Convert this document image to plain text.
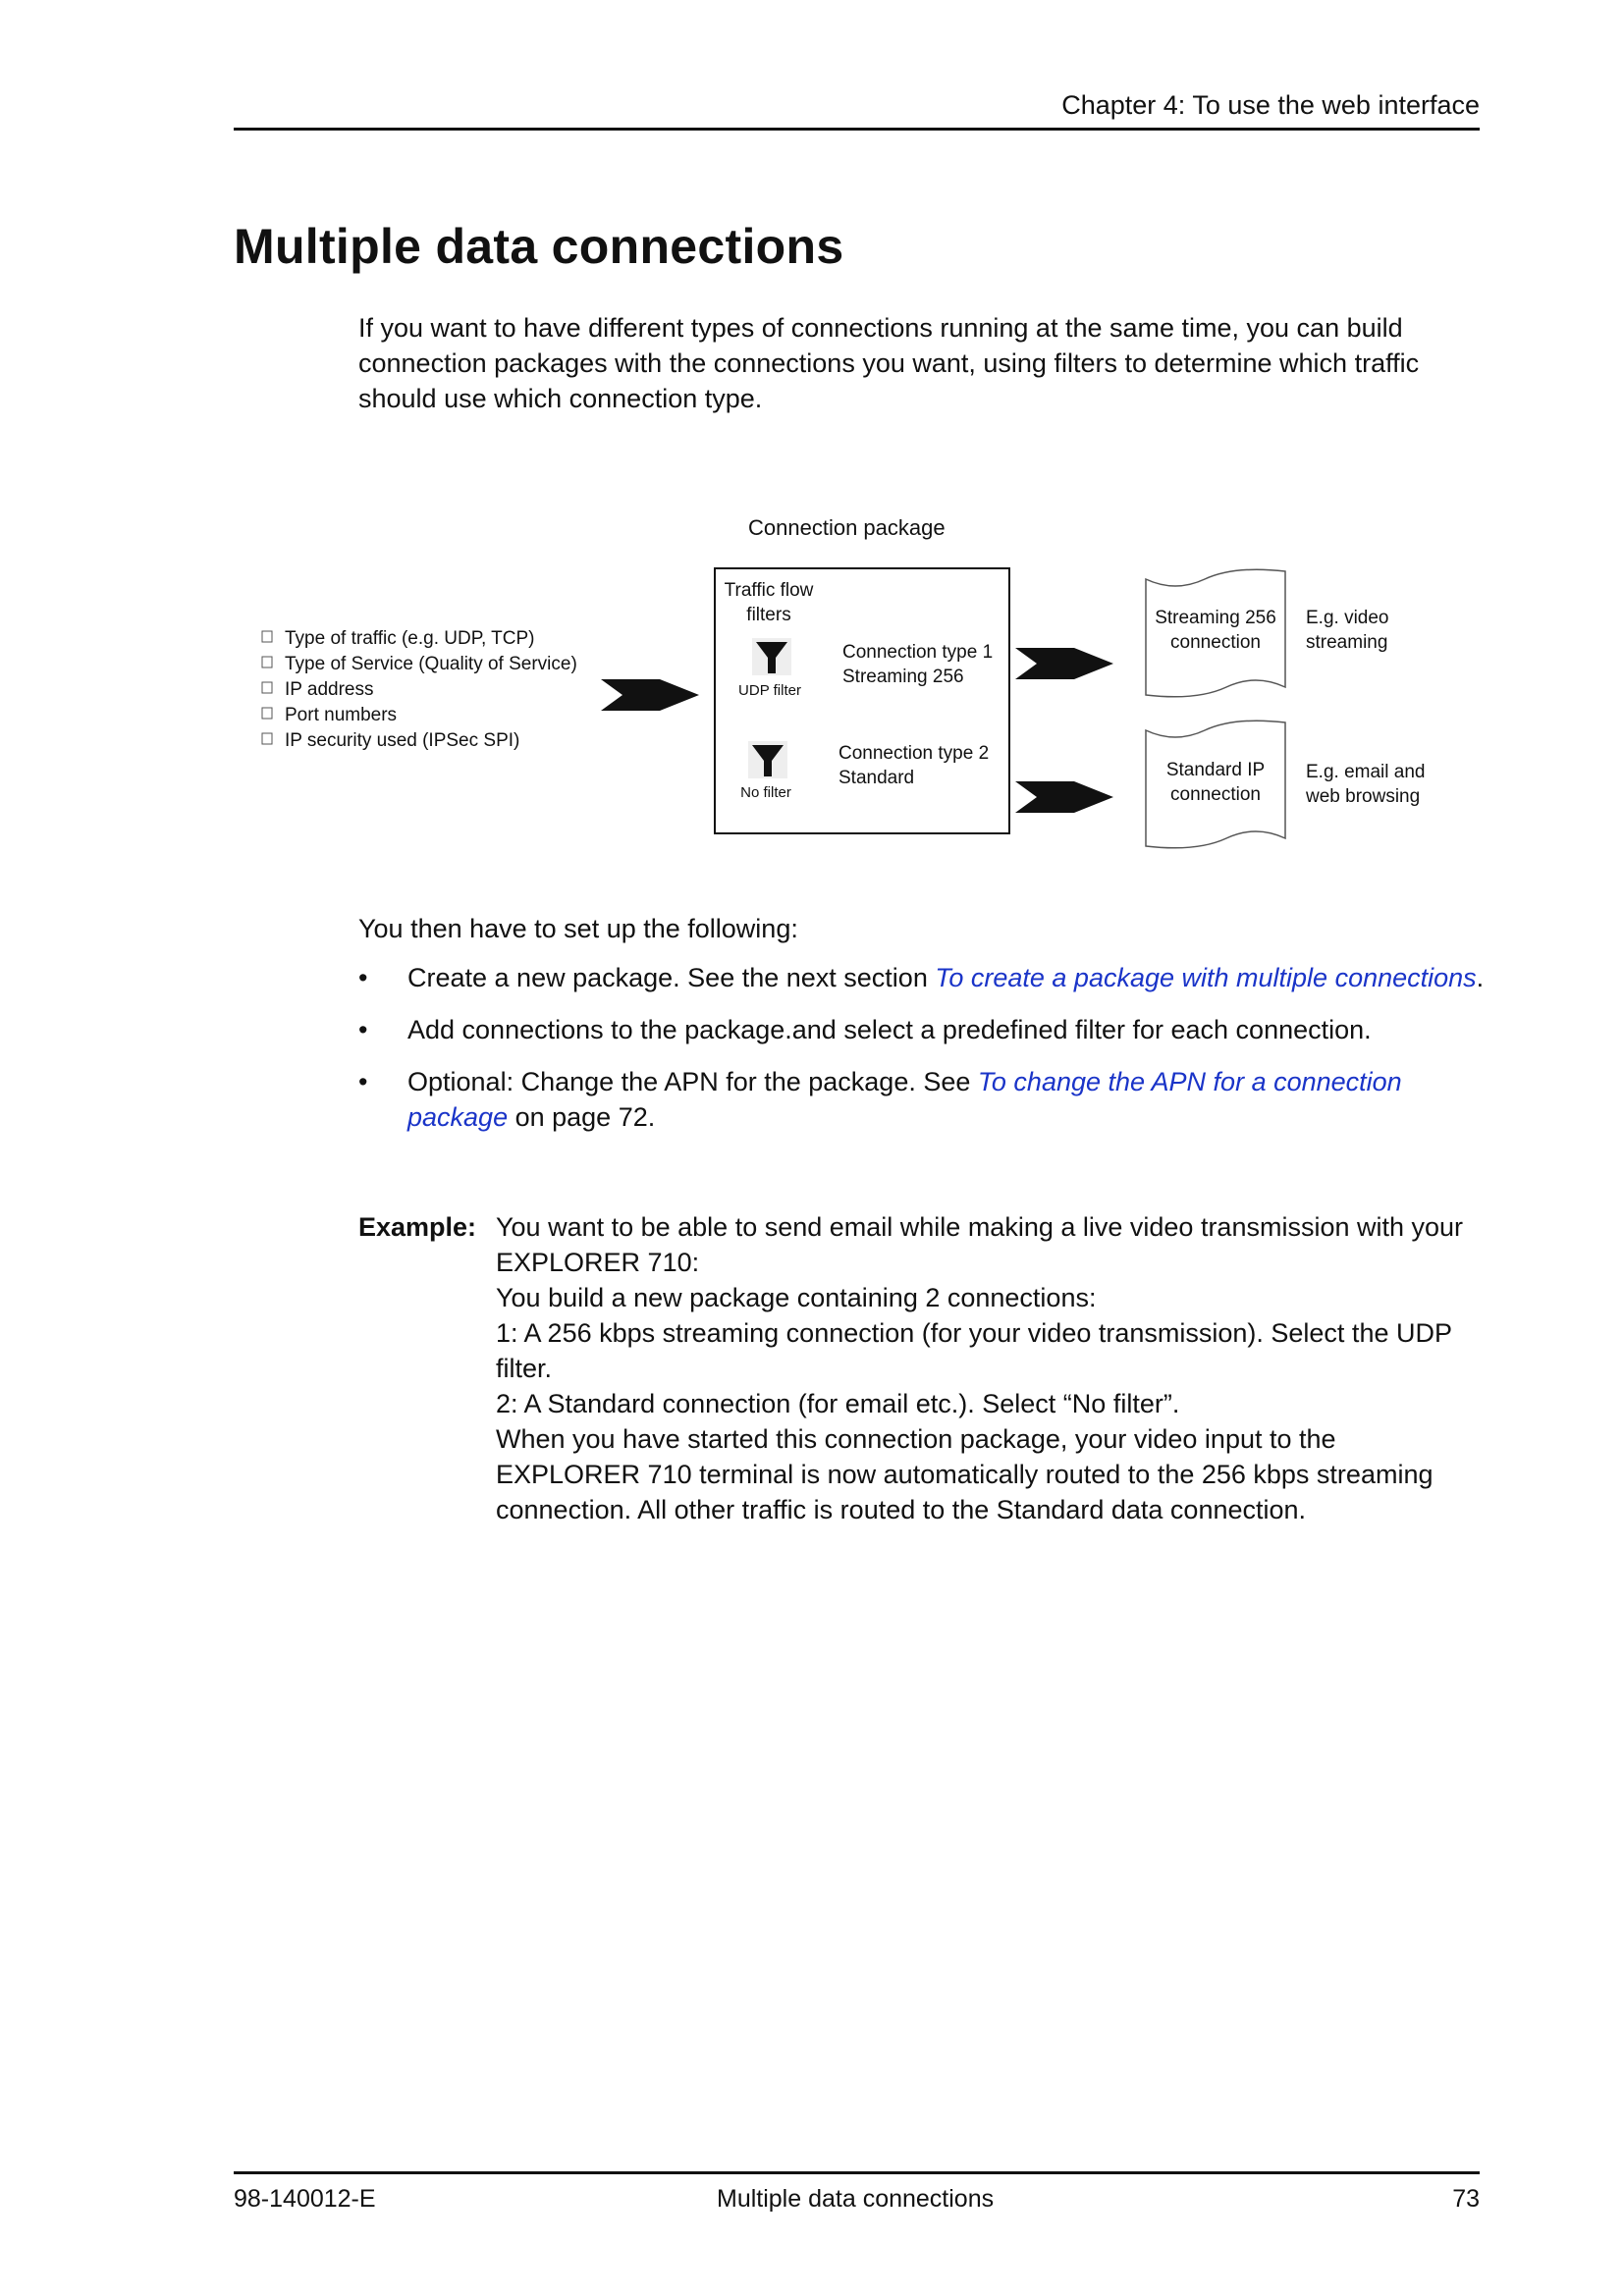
Chapter 4: To use the web interface
Multiple data connections

If you want to have different types of connections running at the same time, you can build connection packages with the connections you want, using filters to determine which traffic should use which connection type.

Connection package
Type of traffic (e.g. UDP, TCP)
Type of Service (Quality of Service)
IP address
Port numbers
IP security used (IPSec SPI)
Traffic flow
filters
UDP filter
Connection type 1
Streaming 256
No filter
Connection type 2
Standard
Streaming 256
connection
Standard IP
connection
E.g. video
streaming
E.g. email and
web browsing

You then have to set up the following:

• Create a new package. See the next section To create a package with multiple connections.
• Add connections to the package.and select a predefined filter for each connection.
• Optional: Change the APN for the package. See To change the APN for a connection package on page 72.
Example: You want to be able to send email while making a live video transmission with your EXPLORER 710:
You build a new package containing 2 connections:
1: A 256 kbps streaming connection (for your video transmission). Select the UDP filter.
2: A Standard connection (for email etc.). Select “No filter”.
When you have started this connection package, your video input to the EXPLORER 710 terminal is now automatically routed to the 256 kbps streaming connection. All other traffic is routed to the Standard data connection.
98-140012-E	Multiple data connections	73
